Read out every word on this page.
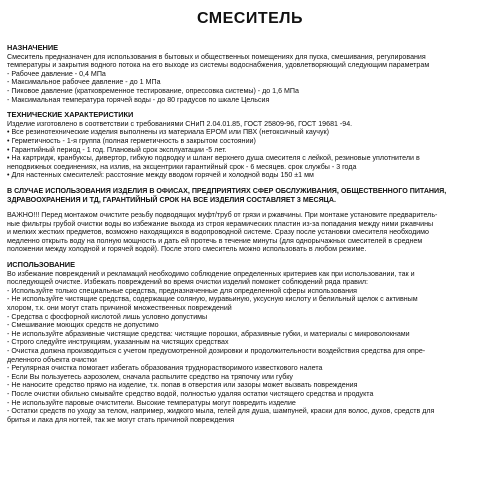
СМЕСИТЕЛЬ
НАЗНАЧЕНИЕ
Смеситель предназначен для использования в бытовых и общественных помещениях для пуска, смешивания, регулирования
температуры и закрытия водного потока на его выходе из системы водоснабжения, удовлетворяющий следующим параметрам
- Рабочее давление - 0,4 МПа
- Максимальное рабочее давление - до 1 МПа
- Пиковое давление (кратковременное тестирование, опрессовка системы) - до 1,6 МПа
- Максимальная температура горячей воды - до 80 градусов по шкале Цельсия
ТЕХНИЧЕСКИЕ ХАРАКТЕРИСТИКИ
Изделие изготовлено в соответствии с требованиями СНиП 2.04.01.85, ГОСТ 25809-96, ГОСТ 19681 -94.
• Все резинотехнические изделия выполнены из материала EPOM или ПВХ (нетоксичный каучук)
• Герметичность - 1-я группа (полная герметичность в закрытом состоянии)
• Гарантийный период - 1 год. Плановый срок эксплуатации -5 лет.
• На картридж, кранбуксы, дивертор, гибкую подводку и шланг верхнего душа смесителя с лейкой, резиновые уплотнители в
неподвижных соединениях, на излив, на эксцентрики гарантийный срок - 6 месяцев. срок службы - 3 года
• Для настенных смесителей: расстояние между вводом горячей и холодной воды 150 ±1 мм
В СЛУЧАЕ ИСПОЛЬЗОВАНИЯ ИЗДЕЛИЯ В ОФИСАХ, ПРЕДПРИЯТИЯХ СФЕР ОБСЛУЖИВАНИЯ, ОБЩЕСТВЕННОГО ПИТАНИЯ,
ЗДРАВООХРАНЕНИЯ И ТД, ГАРАНТИЙНЫЙ СРОК НА ВСЕ ИЗДЕЛИЯ СОСТАВЛЯЕТ 3 МЕСЯЦА.
ВАЖНО!!! Перед монтажом очистите резьбу подводящих муфт/труб от грязи и ржавчины. При монтаже установите предваритель-
ные фильтры грубой очистки воды во избежание выхода из строя керамических пластин из-за попадания между ними ржавчины
и мелких жестких предметов, возможно находящихся в водопроводной системе. Сразу после установки смесителя необходимо
медленно открыть воду на полную мощность и дать ей протечь в течение минуты (для однорычажных смесителей в среднем
положении между холодной и горячей водой). После этого смеситель можно использовать в любом режиме.
ИСПОЛЬЗОВАНИЕ
Во избежание повреждений и рекламаций необходимо соблюдение определенных критериев как при использовании, так и
последующей очистке. Избежать повреждений во время очистки изделий поможет соблюдений ряда правил:
- Используйте только специальные средства, предназначенные для определенной сферы использования
- Не используйте чистящие средства, содержащие соляную, муравьиную, уксусную кислоту и белильный щелок с активным
хлором, т.к. они могут стать причиной множественных повреждений
- Средства с фосфорной кислотой лишь условно допустимы
- Смешивание моющих средств не допустимо
- Не используйте абразивные чистящие средства: чистящие порошки, абразивные губки, и материалы с микроволокнами
- Строго следуйте инструкциям, указанным на чистящих средствах
- Очистка должна производиться с учетом предусмотренной дозировки и продолжительности воздействия средства для опре-
деленного объекта очистки
- Регулярная очистка помогает избегать образования труднорастворимого известкового налета
- Если Вы пользуетесь аэрозолем, сначала распылите средство на тряпочку или губку
- Не наносите средство прямо на изделие, т.к. попав в отверстия или зазоры может вызвать повреждения
- После очистки обильно смывайте средство водой, полностью удаляя остатки чистящего средства и продукта
- Не используйте паровые очистители. Высокие температуры могут повредить изделие
- Остатки средств по уходу за телом, например, жидкого мыла, гелей для душа, шампуней, краски для волос, духов, средств для
бритья и лака для ногтей, так же могут стать причиной повреждения
